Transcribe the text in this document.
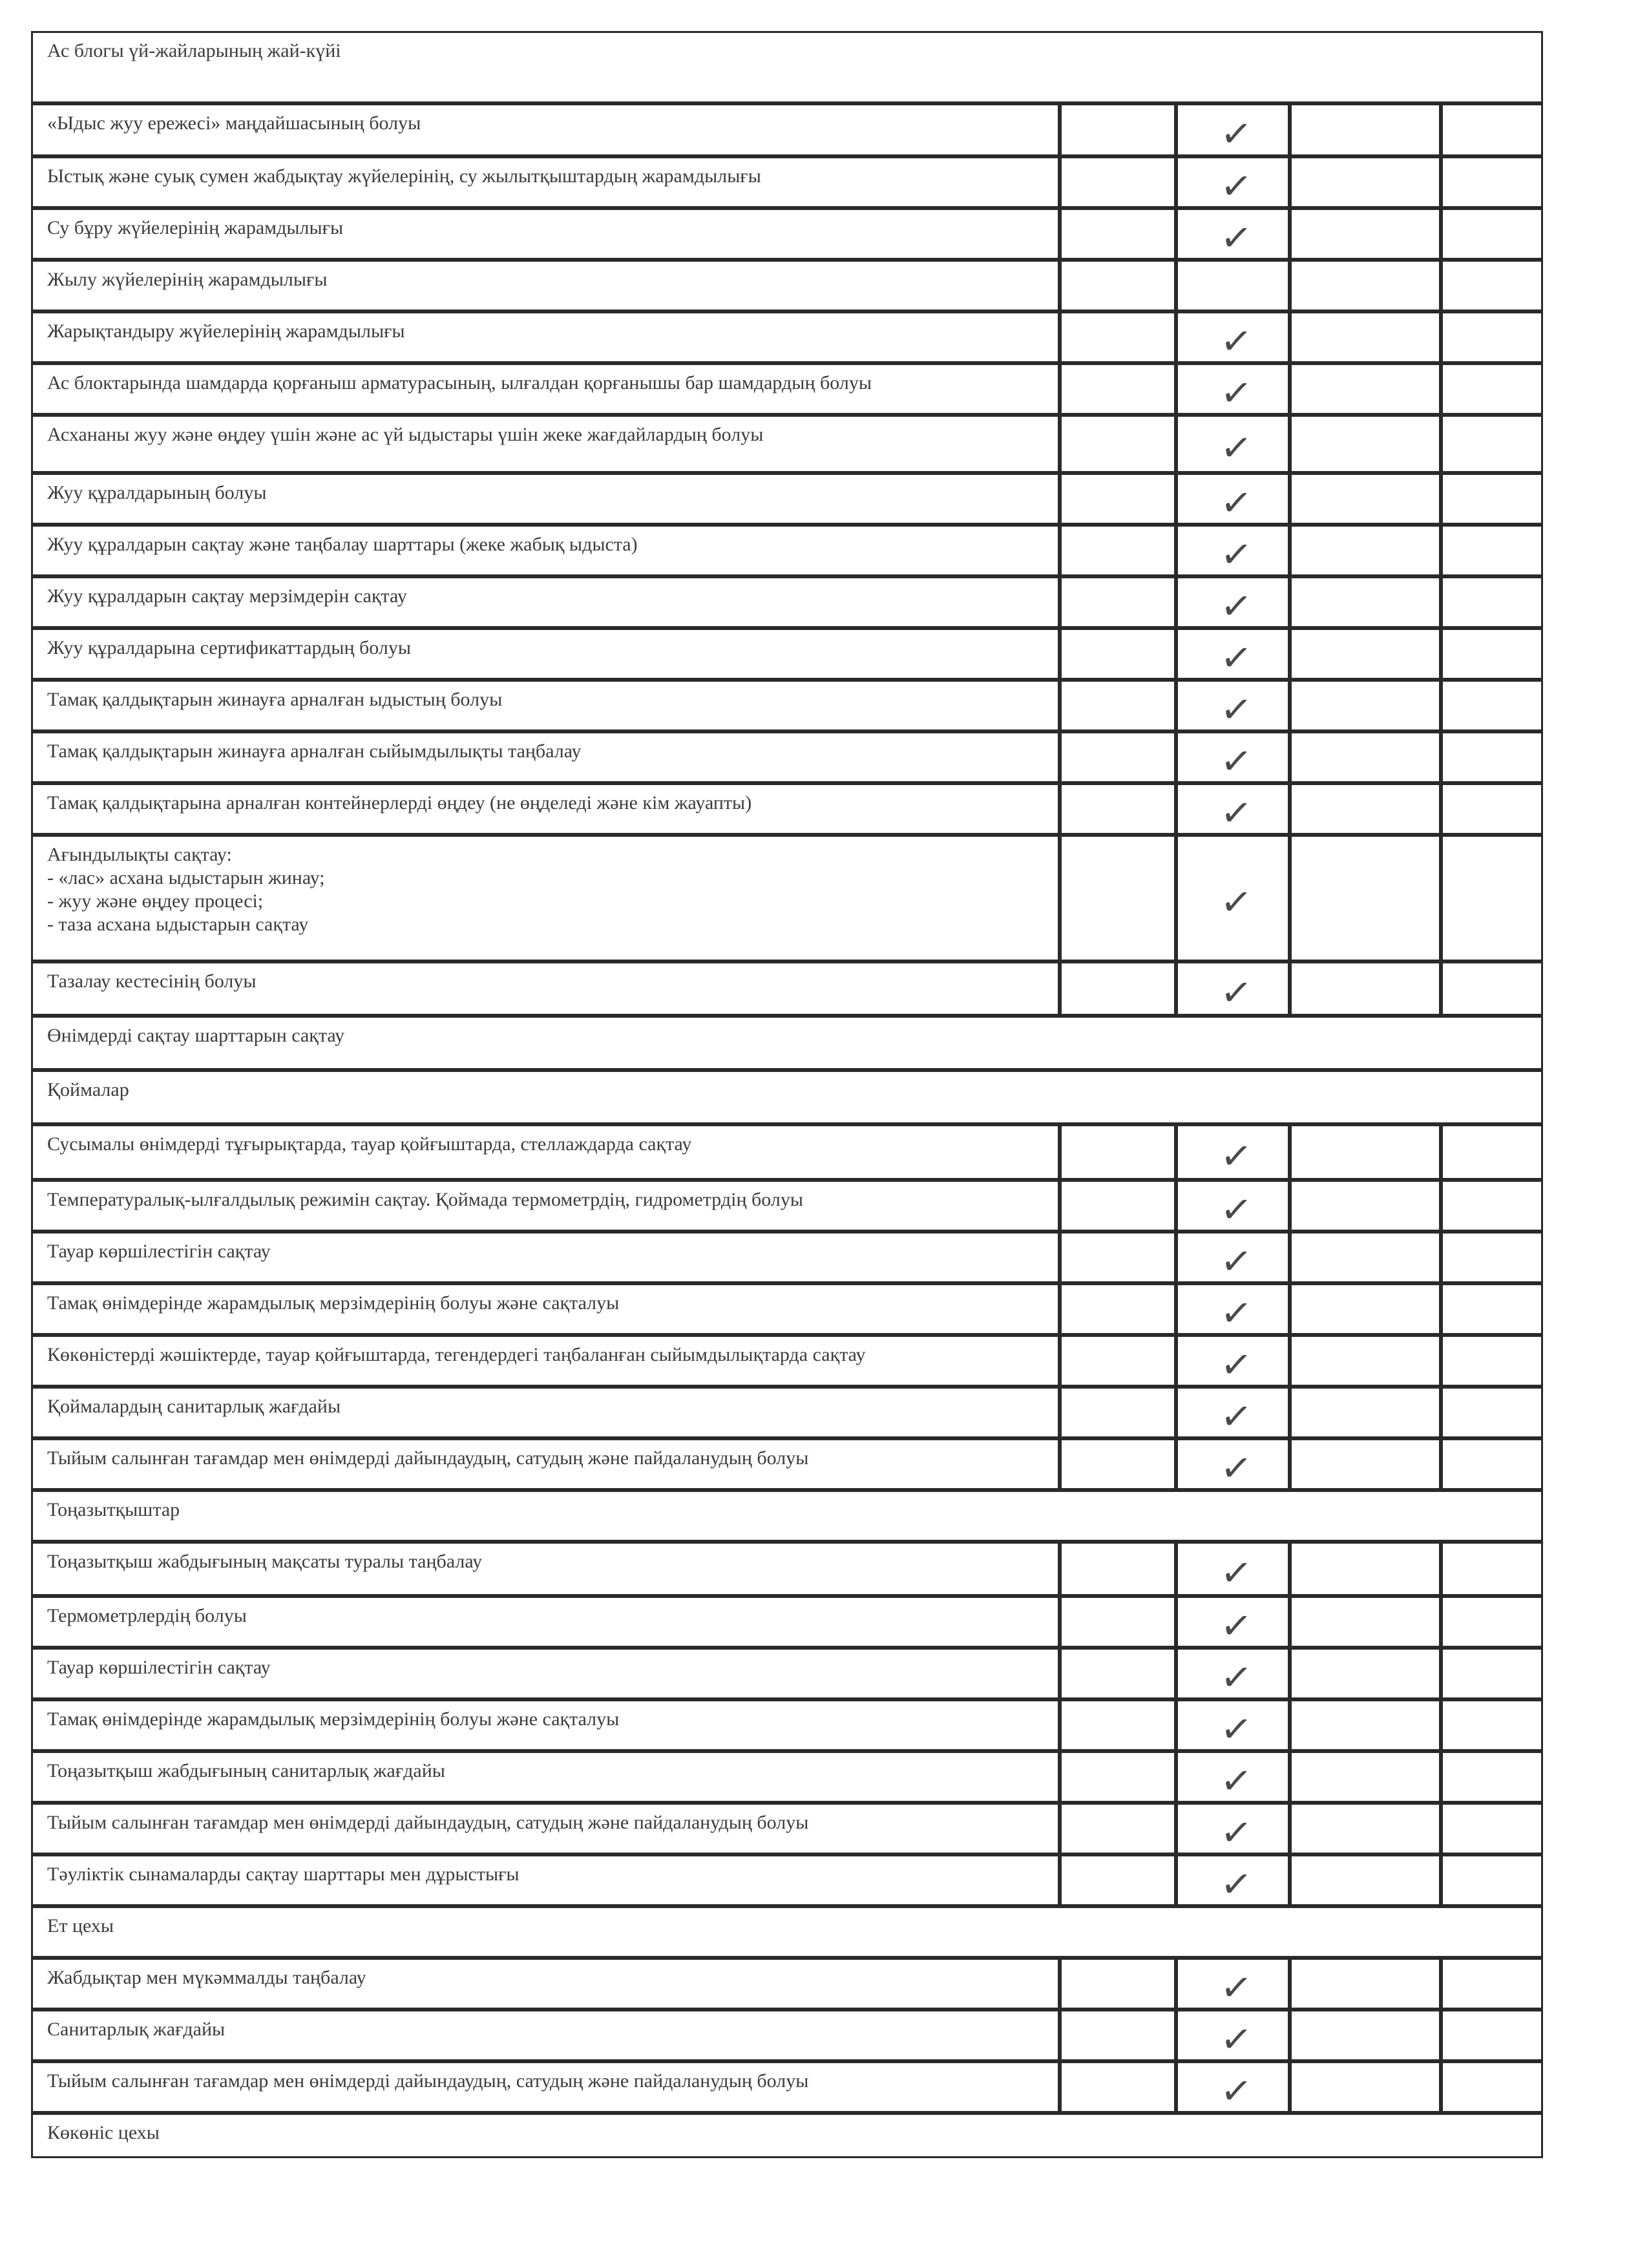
Ас блогы үй-жайларының жай-күйі
«Ыдыс жуу ережесі» маңдайшасының болуы	✓
Ыстық және суық сумен жабдықтау жүйелерінің, су жылытқыштардың жарамдылығы	✓
Су бұру жүйелерінің жарамдылығы	✓
Жылу жүйелерінің жарамдылығы
Жарықтандыру жүйелерінің жарамдылығы	✓
Ас блоктарында шамдарда қорғаныш арматурасының, ылғалдан қорғанышы бар шамдардың болуы	✓
Асхананы жуу және өңдеу үшін және ас үй ыдыстары үшін жеке жағдайлардың болуы	✓
Жуу құралдарының болуы	✓
Жуу құралдарын сақтау және таңбалау шарттары (жеке жабық ыдыста)	✓
Жуу құралдарын сақтау мерзімдерін сақтау	✓
Жуу құралдарына сертификаттардың болуы	✓
Тамақ қалдықтарын жинауға арналған ыдыстың болуы	✓
Тамақ қалдықтарын жинауға арналған сыйымдылықты таңбалау	✓
Тамақ қалдықтарына арналған контейнерлерді өңдеу (не өңделеді және кім жауапты)	✓
Ағындылықты сақтау:
- «лас» асхана ыдыстарын жинау;
- жуу және өңдеу процесі;
- таза асхана ыдыстарын сақтау	✓
Тазалау кестесінің болуы	✓
Өнімдерді сақтау шарттарын сақтау
Қоймалар
Сусымалы өнімдерді тұғырықтарда, тауар қойғыштарда, стеллаждарда сақтау	✓
Температуралық-ылғалдылық режимін сақтау. Қоймада термометрдің, гидрометрдің болуы	✓
Тауар көршілестігін сақтау	✓
Тамақ өнімдерінде жарамдылық мерзімдерінің болуы және сақталуы	✓
Көкөністерді жәшіктерде, тауар қойғыштарда, тегендердегі таңбаланған сыйымдылықтарда сақтау	✓
Қоймалардың санитарлық жағдайы	✓
Тыйым салынған тағамдар мен өнімдерді дайындаудың, сатудың және пайдаланудың болуы	✓
Тоңазытқыштар
Тоңазытқыш жабдығының мақсаты туралы таңбалау	✓
Термометрлердің болуы	✓
Тауар көршілестігін сақтау	✓
Тамақ өнімдерінде жарамдылық мерзімдерінің болуы және сақталуы	✓
Тоңазытқыш жабдығының санитарлық жағдайы	✓
Тыйым салынған тағамдар мен өнімдерді дайындаудың, сатудың және пайдаланудың болуы	✓
Тәуліктік сынамаларды сақтау шарттары мен дұрыстығы	✓
Ет цехы
Жабдықтар мен мүкәммалды таңбалау	✓
Санитарлық жағдайы	✓
Тыйым салынған тағамдар мен өнімдерді дайындаудың, сатудың және пайдаланудың болуы	✓
Көкөніс цехы
